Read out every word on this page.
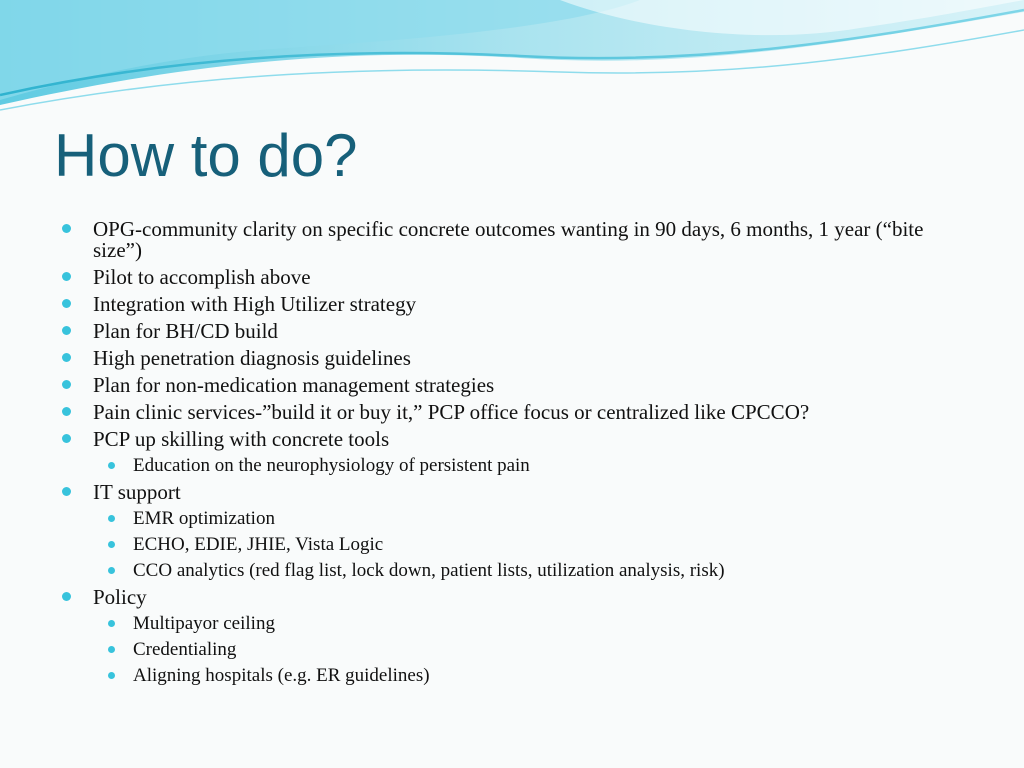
How to do?
OPG-community clarity on specific concrete outcomes wanting in 90 days, 6 months, 1 year (“bite size”)
Pilot to accomplish above
Integration with High Utilizer strategy
Plan for BH/CD build
High penetration diagnosis guidelines
Plan for non-medication management strategies
Pain clinic services-”build it or buy it,” PCP office focus or centralized like CPCCO?
PCP up skilling with concrete tools
Education on the neurophysiology of persistent pain
IT support
EMR optimization
ECHO, EDIE, JHIE, Vista Logic
CCO analytics (red flag list, lock down, patient lists, utilization analysis, risk)
Policy
Multipayor ceiling
Credentialing
Aligning hospitals (e.g. ER guidelines)
